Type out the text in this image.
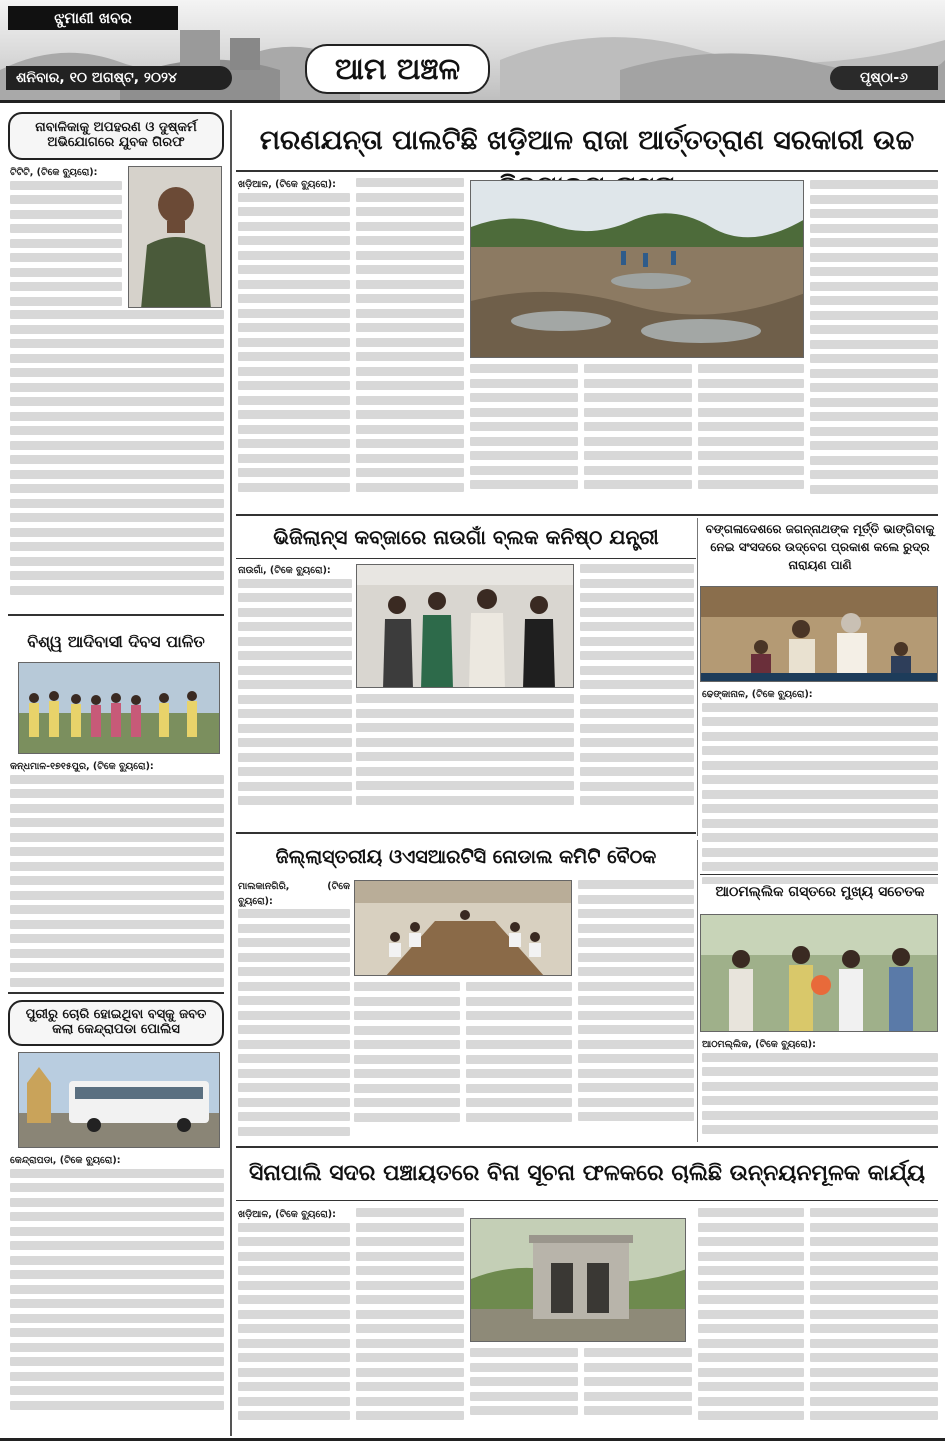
ଝୁମାଣୀ ଖବର
ଶନିବାର, ୧୦ ଅଗଷ୍ଟ, ୨୦୨୪	ଆମ ଅଞ୍ଚଳ	ପୃଷ୍ଠା-୬
ନାବାଳିକାକୁ ଅପହରଣ ଓ ଦୁଷ୍କର୍ମ ଅଭିଯୋଗରେ ଯୁବକ ଗିରଫ
ଟିଟିଟି, (ଟିକେ ବ୍ୟୁରୋ):
ବିଶ୍ୱ ଆଦିବାସୀ ଦିବସ ପାଳିତ
କନ୍ଧମାଳ-୧୭୧୫ପୁର, (ଟିକେ ବ୍ୟୁରୋ):
ପୁରୀରୁ ଚୋରି ହୋଇଥିବା ବସ୍‌କୁ ଜବତ କଲା କେନ୍ଦ୍ରାପଡା ପୋଲିସ
କେନ୍ଦ୍ରାପଡା, (ଟିକେ ବ୍ୟୁରୋ):
ମରଣଯନ୍ତା ପାଲଟିଛି ଖଡ଼ିଆଳ ରାଜା ଆର୍ତ୍ତତ୍ରାଣ ସରକାରୀ ଉଚ୍ଚ
ଖଡ଼ିଆଳ, (ଟିକେ ବ୍ୟୁରୋ):
ଭିଜିଲାନ୍ସ କବ୍‌ଜାରେ ନାଉଗାଁ ବ୍ଲକ କନିଷ୍ଠ ଯନ୍ତ୍ରୀ
ନାଉଗାଁ, (ଟିକେ ବ୍ୟୁରୋ):
ବଙ୍ଗଳାଦେଶରେ ଜଗନ୍ନାଥଙ୍କ ମୂର୍ତ୍ତି ଭାଙ୍ଗିବାକୁ ନେଇ ସଂସଦରେ ଉଦ୍‌ବେଗ ପ୍ରକାଶ କଲେ ରୁଦ୍ର ନାରାୟଣ ପାଣି
ଢେଙ୍କାନାଳ, (ଟିକେ ବ୍ୟୁରୋ):
ଜିଲ୍ଲାସ୍ତରୀୟ ଓଏସଆରଟିସି ନୋଡାଲ କମିଟି ବୈଠକ
ମାଲକାନଗିରି, (ଟିକେ ବ୍ୟୁରୋ):
ଆଠମଲ୍ଲିକ ଗସ୍ତରେ ମୁଖ୍ୟ ସଚେତକ
ଆଠମଲ୍ଲିକ, (ଟିକେ ବ୍ୟୁରୋ):
ସିନାପାଲି ସଦର ପଞ୍ଚାୟତରେ ବିନା ସୂଚନା ଫଳକରେ ଚାଲିଛି ଉନ୍ନୟନମୂଳକ କାର୍ଯ୍ୟ
ଖଡ଼ିଆଳ, (ଟିକେ ବ୍ୟୁରୋ):
